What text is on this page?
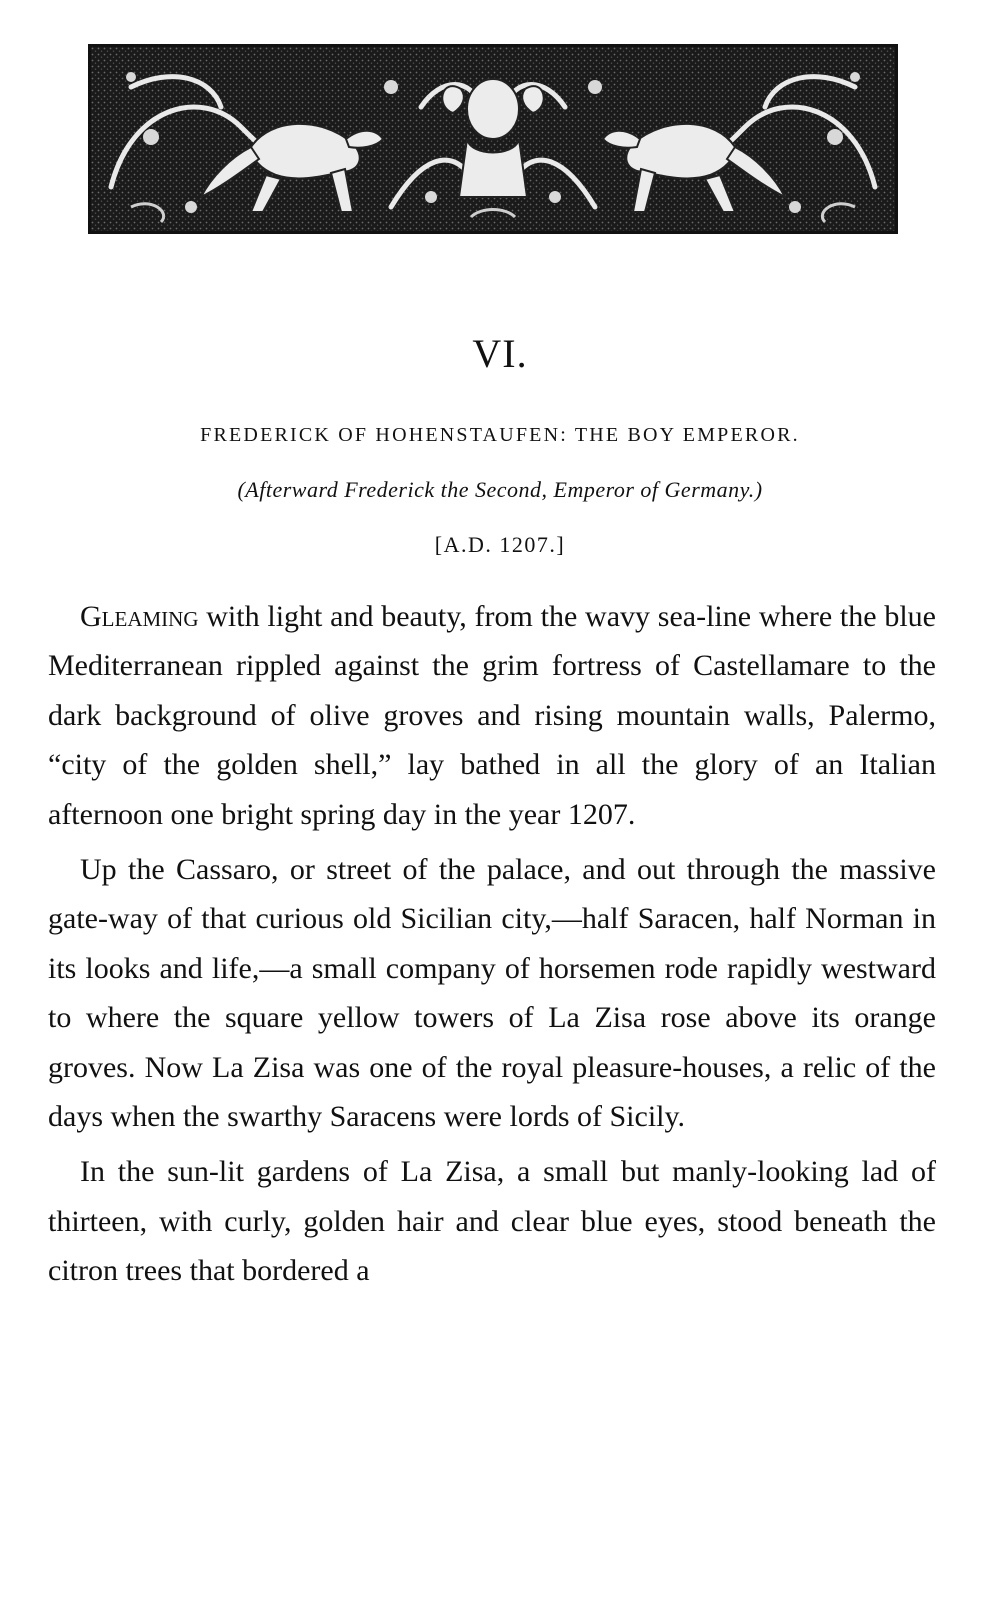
VI.
FREDERICK OF HOHENSTAUFEN: THE BOY EMPEROR.
(Afterward Frederick the Second, Emperor of Germany.)
[A.D. 1207.]

Gleaming with light and beauty, from the wavy sea-line where the blue Mediterranean rippled against the grim fortress of Castellamare to the dark background of olive groves and rising mountain walls, Palermo, “city of the golden shell,” lay bathed in all the glory of an Italian afternoon one bright spring day in the year 1207.

Up the Cassaro, or street of the palace, and out through the massive gate-way of that curious old Sicilian city,—half Saracen, half Norman in its looks and life,—a small company of horsemen rode rapidly westward to where the square yellow towers of La Zisa rose above its orange groves. Now La Zisa was one of the royal pleasure-houses, a relic of the days when the swarthy Saracens were lords of Sicily.

In the sun-lit gardens of La Zisa, a small but manly-looking lad of thirteen, with curly, golden hair and clear blue eyes, stood beneath the citron trees that bordered a
